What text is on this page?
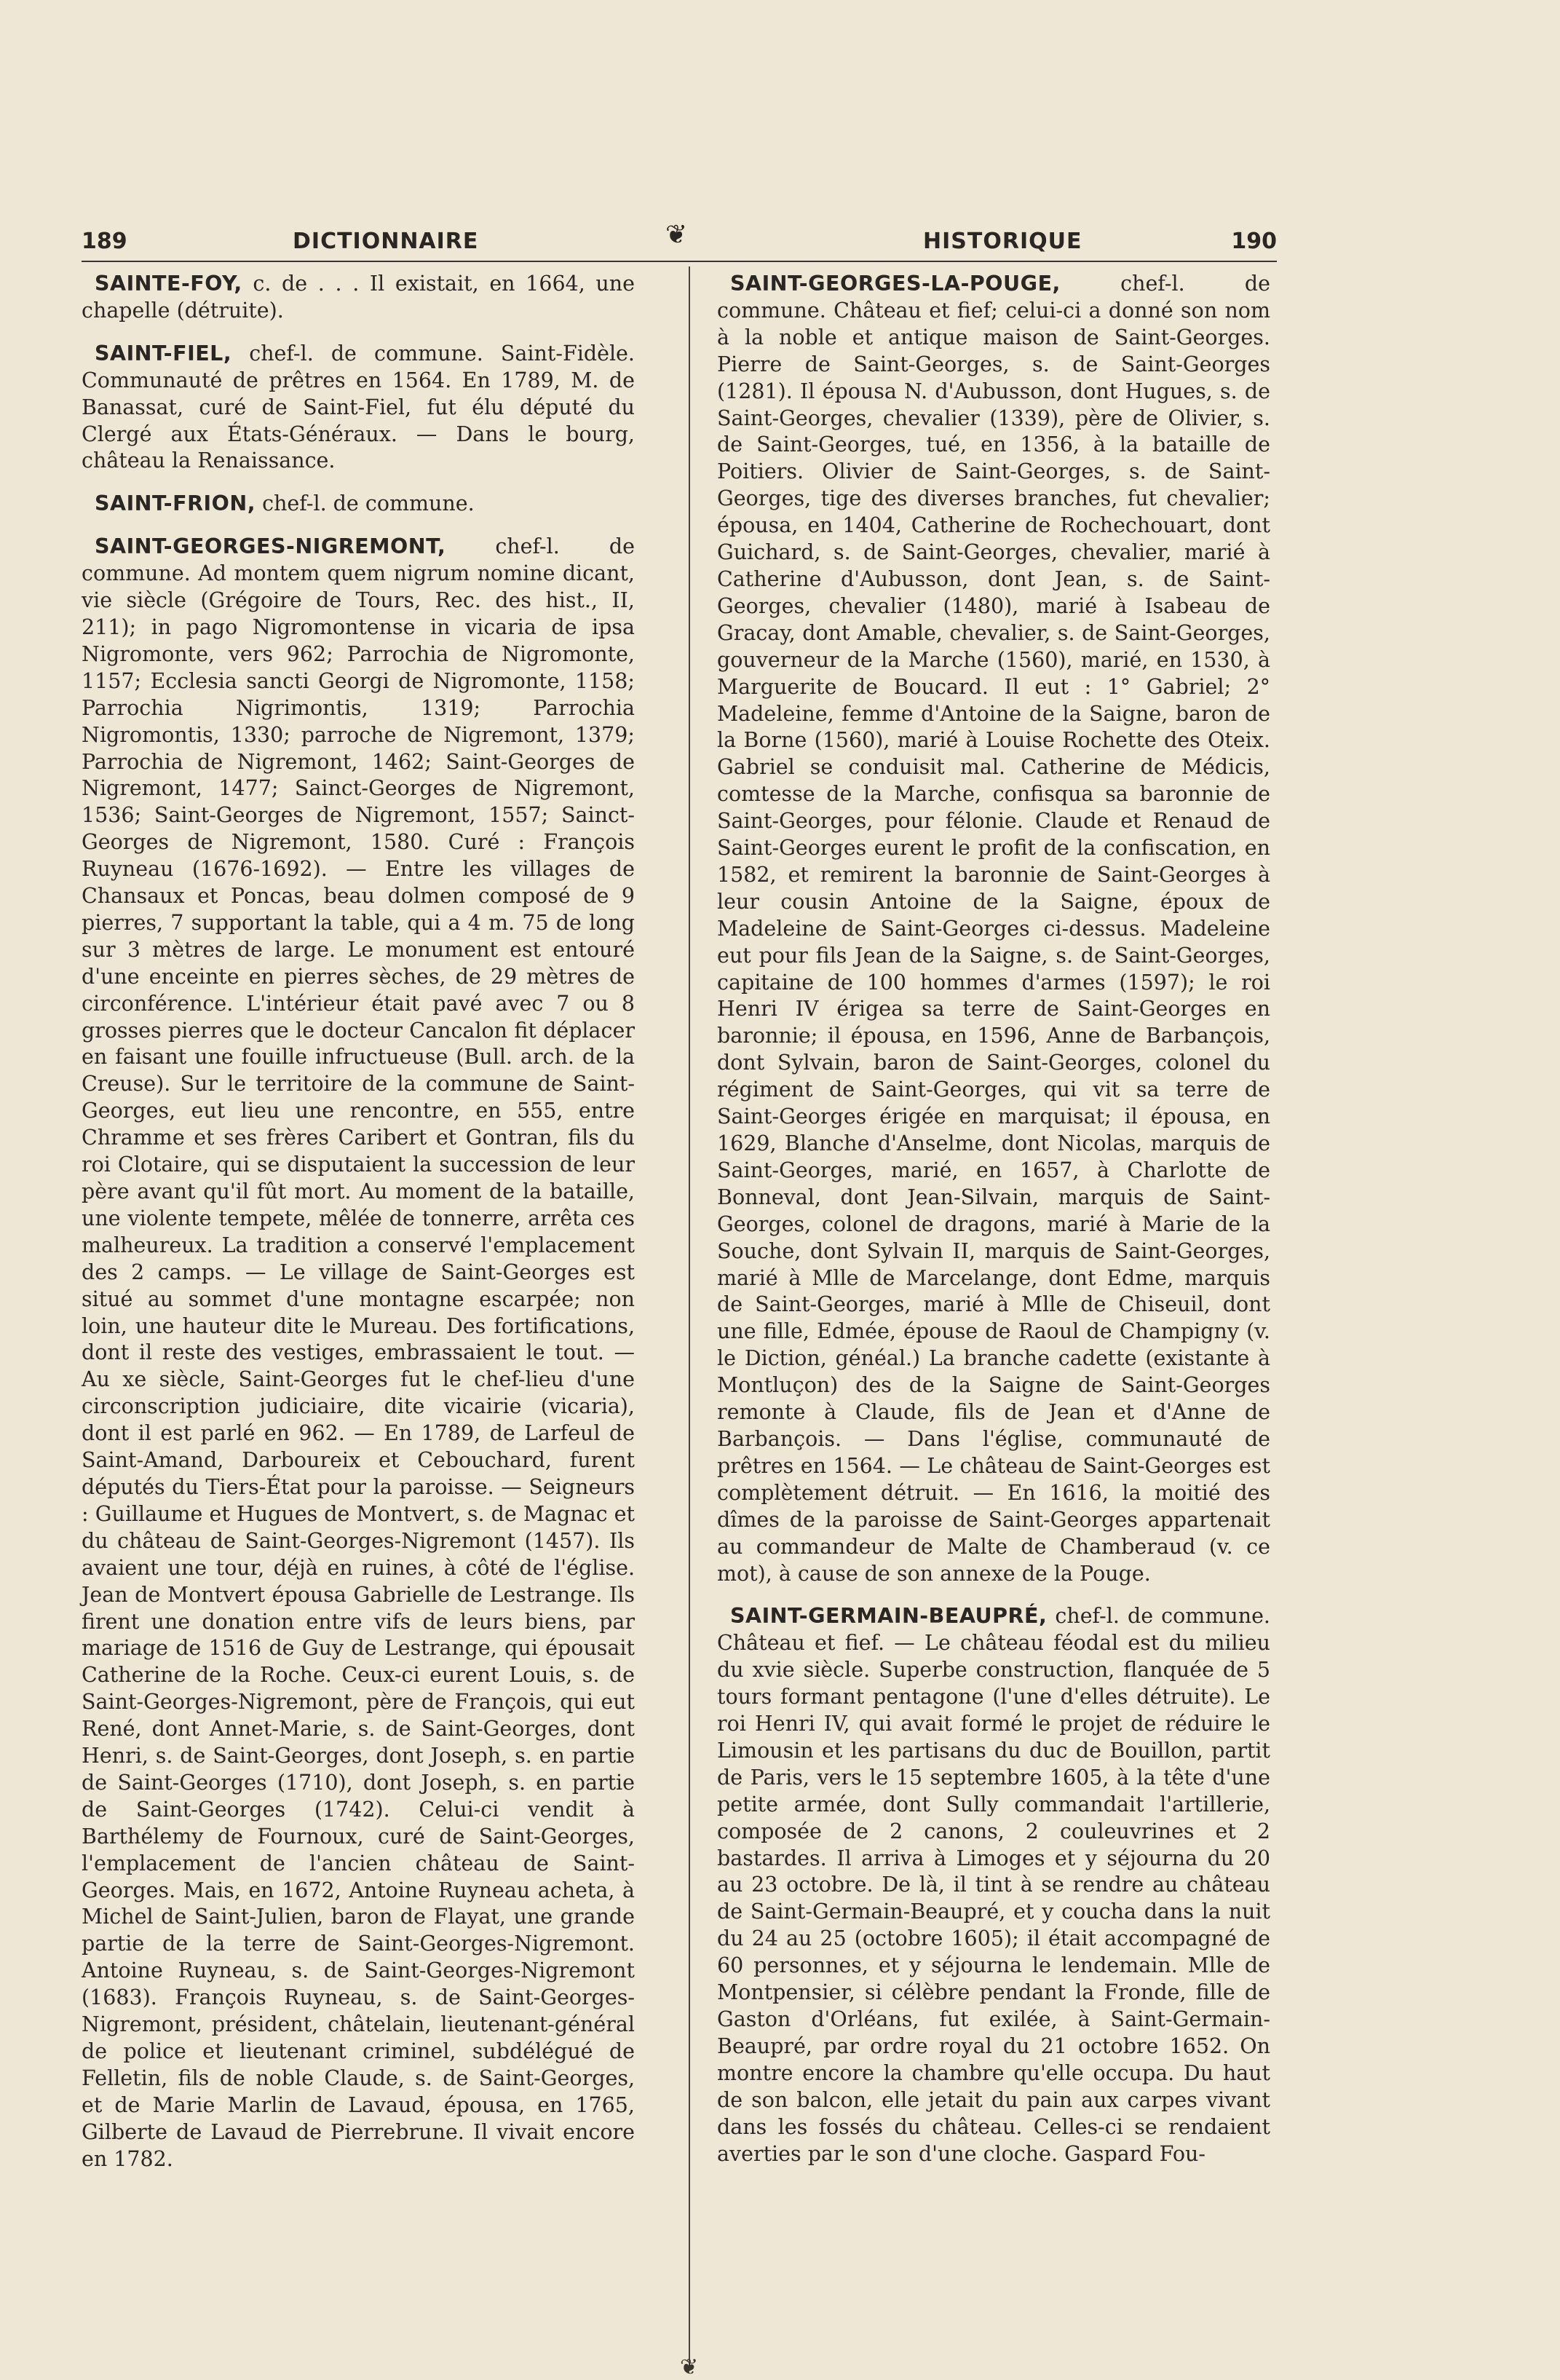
189	DICTIONNAIRE	❦	HISTORIQUE	190

SAINTE-FOY, c. de . . . Il existait, en 1664, une chapelle (détruite).

SAINT-FIEL, chef-l. de commune. Saint-Fidèle. Communauté de prêtres en 1564. En 1789, M. de Banassat, curé de Saint-Fiel, fut élu député du Clergé aux États-Généraux. — Dans le bourg, château la Renaissance.

SAINT-FRION, chef-l. de commune.

SAINT-GEORGES-NIGREMONT, chef-l. de commune. Ad montem quem nigrum nomine dicant, vie siècle (Grégoire de Tours, Rec. des hist., II, 211); in pago Nigromontense in vicaria de ipsa Nigromonte, vers 962; Parrochia de Nigromonte, 1157; Ecclesia sancti Georgi de Nigromonte, 1158; Parrochia Nigrimontis, 1319; Parrochia Nigromontis, 1330; parroche de Nigremont, 1379; Parrochia de Nigremont, 1462; Saint-Georges de Nigremont, 1477; Sainct-Georges de Nigremont, 1536; Saint-Georges de Nigremont, 1557; Sainct-Georges de Nigremont, 1580. Curé : François Ruyneau (1676-1692). — Entre les villages de Chansaux et Poncas, beau dolmen composé de 9 pierres, 7 supportant la table, qui a 4 m. 75 de long sur 3 mètres de large. Le monument est entouré d'une enceinte en pierres sèches, de 29 mètres de circonférence. L'intérieur était pavé avec 7 ou 8 grosses pierres que le docteur Cancalon fit déplacer en faisant une fouille infructueuse (Bull. arch. de la Creuse). Sur le territoire de la commune de Saint-Georges, eut lieu une rencontre, en 555, entre Chramme et ses frères Caribert et Gontran, fils du roi Clotaire, qui se disputaient la succession de leur père avant qu'il fût mort. Au moment de la bataille, une violente tempete, mêlée de tonnerre, arrêta ces malheureux. La tradition a conservé l'emplacement des 2 camps. — Le village de Saint-Georges est situé au sommet d'une montagne escarpée; non loin, une hauteur dite le Mureau. Des fortifications, dont il reste des vestiges, embrassaient le tout. — Au xe siècle, Saint-Georges fut le chef-lieu d'une circonscription judiciaire, dite vicairie (vicaria), dont il est parlé en 962. — En 1789, de Larfeul de Saint-Amand, Darboureix et Cebouchard, furent députés du Tiers-État pour la paroisse. — Seigneurs : Guillaume et Hugues de Montvert, s. de Magnac et du château de Saint-Georges-Nigremont (1457). Ils avaient une tour, déjà en ruines, à côté de l'église. Jean de Montvert épousa Gabrielle de Lestrange. Ils firent une donation entre vifs de leurs biens, par mariage de 1516 de Guy de Lestrange, qui épousait Catherine de la Roche. Ceux-ci eurent Louis, s. de Saint-Georges-Nigremont, père de François, qui eut René, dont Annet-Marie, s. de Saint-Georges, dont Henri, s. de Saint-Georges, dont Joseph, s. en partie de Saint-Georges (1710), dont Joseph, s. en partie de Saint-Georges (1742). Celui-ci vendit à Barthélemy de Fournoux, curé de Saint-Georges, l'emplacement de l'ancien château de Saint-Georges. Mais, en 1672, Antoine Ruyneau acheta, à Michel de Saint-Julien, baron de Flayat, une grande partie de la terre de Saint-Georges-Nigremont. Antoine Ruyneau, s. de Saint-Georges-Nigremont (1683). François Ruyneau, s. de Saint-Georges-Nigremont, président, châtelain, lieutenant-général de police et lieutenant criminel, subdélégué de Felletin, fils de noble Claude, s. de Saint-Georges, et de Marie Marlin de Lavaud, épousa, en 1765, Gilberte de Lavaud de Pierrebrune. Il vivait encore en 1782.

SAINT-GEORGES-LA-POUGE, chef-l. de commune. Château et fief; celui-ci a donné son nom à la noble et antique maison de Saint-Georges. Pierre de Saint-Georges, s. de Saint-Georges (1281). Il épousa N. d'Aubusson, dont Hugues, s. de Saint-Georges, chevalier (1339), père de Olivier, s. de Saint-Georges, tué, en 1356, à la bataille de Poitiers. Olivier de Saint-Georges, s. de Saint-Georges, tige des diverses branches, fut chevalier; épousa, en 1404, Catherine de Rochechouart, dont Guichard, s. de Saint-Georges, chevalier, marié à Catherine d'Aubusson, dont Jean, s. de Saint-Georges, chevalier (1480), marié à Isabeau de Gracay, dont Amable, chevalier, s. de Saint-Georges, gouverneur de la Marche (1560), marié, en 1530, à Marguerite de Boucard. Il eut : 1° Gabriel; 2° Madeleine, femme d'Antoine de la Saigne, baron de la Borne (1560), marié à Louise Rochette des Oteix. Gabriel se conduisit mal. Catherine de Médicis, comtesse de la Marche, confisqua sa baronnie de Saint-Georges, pour félonie. Claude et Renaud de Saint-Georges eurent le profit de la confiscation, en 1582, et remirent la baronnie de Saint-Georges à leur cousin Antoine de la Saigne, époux de Madeleine de Saint-Georges ci-dessus. Madeleine eut pour fils Jean de la Saigne, s. de Saint-Georges, capitaine de 100 hommes d'armes (1597); le roi Henri IV érigea sa terre de Saint-Georges en baronnie; il épousa, en 1596, Anne de Barbançois, dont Sylvain, baron de Saint-Georges, colonel du régiment de Saint-Georges, qui vit sa terre de Saint-Georges érigée en marquisat; il épousa, en 1629, Blanche d'Anselme, dont Nicolas, marquis de Saint-Georges, marié, en 1657, à Charlotte de Bonneval, dont Jean-Silvain, marquis de Saint-Georges, colonel de dragons, marié à Marie de la Souche, dont Sylvain II, marquis de Saint-Georges, marié à Mlle de Marcelange, dont Edme, marquis de Saint-Georges, marié à Mlle de Chiseuil, dont une fille, Edmée, épouse de Raoul de Champigny (v. le Diction, généal.) La branche cadette (existante à Montluçon) des de la Saigne de Saint-Georges remonte à Claude, fils de Jean et d'Anne de Barbançois. — Dans l'église, communauté de prêtres en 1564. — Le château de Saint-Georges est complètement détruit. — En 1616, la moitié des dîmes de la paroisse de Saint-Georges appartenait au commandeur de Malte de Chamberaud (v. ce mot), à cause de son annexe de la Pouge.

SAINT-GERMAIN-BEAUPRÉ, chef-l. de commune. Château et fief. — Le château féodal est du milieu du xvie siècle. Superbe construction, flanquée de 5 tours formant pentagone (l'une d'elles détruite). Le roi Henri IV, qui avait formé le projet de réduire le Limousin et les partisans du duc de Bouillon, partit de Paris, vers le 15 septembre 1605, à la tête d'une petite armée, dont Sully commandait l'artillerie, composée de 2 canons, 2 couleuvrines et 2 bastardes. Il arriva à Limoges et y séjourna du 20 au 23 octobre. De là, il tint à se rendre au château de Saint-Germain-Beaupré, et y coucha dans la nuit du 24 au 25 (octobre 1605); il était accompagné de 60 personnes, et y séjourna le lendemain. Mlle de Montpensier, si célèbre pendant la Fronde, fille de Gaston d'Orléans, fut exilée, à Saint-Germain-Beaupré, par ordre royal du 21 octobre 1652. On montre encore la chambre qu'elle occupa. Du haut de son balcon, elle jetait du pain aux carpes vivant dans les fossés du château. Celles-ci se rendaient averties par le son d'une cloche. Gaspard Fou-

❦
